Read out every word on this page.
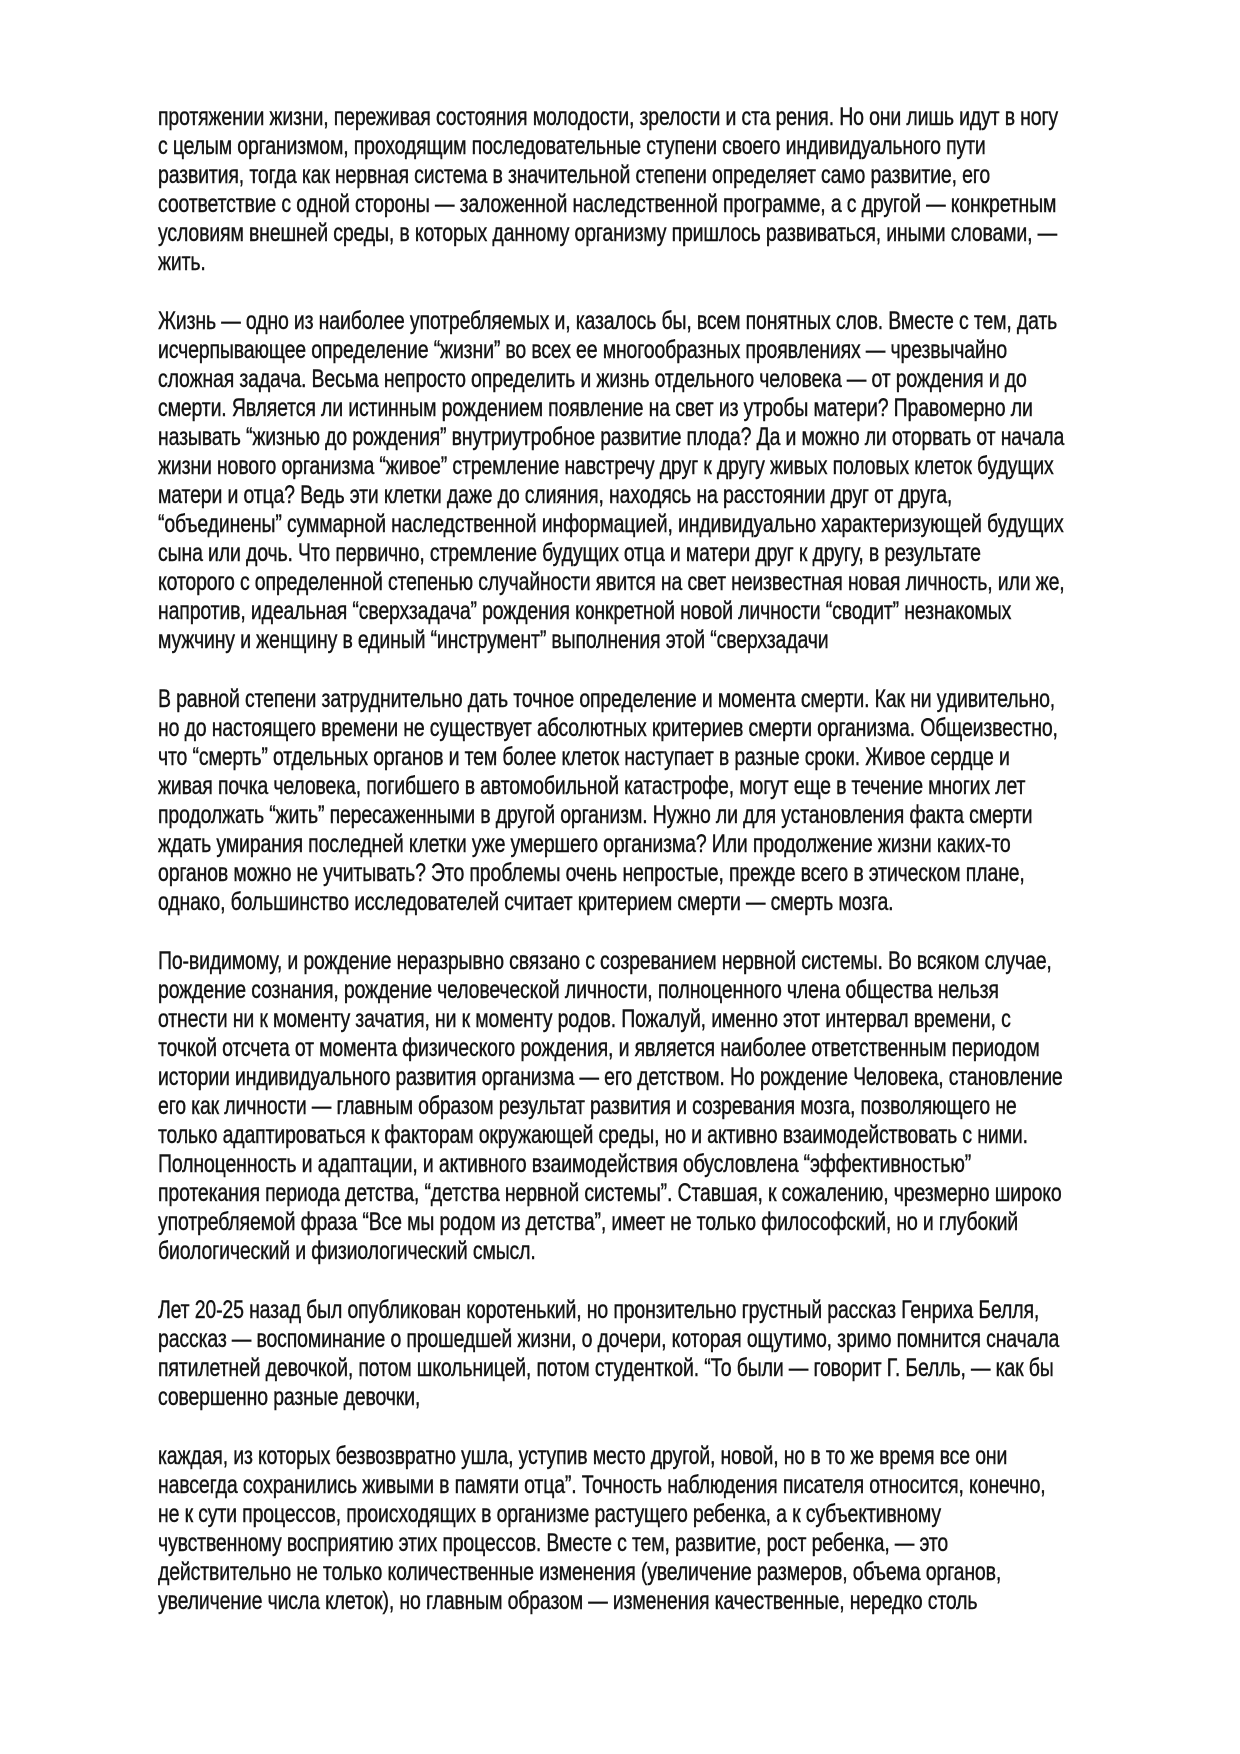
протяжении жизни, переживая состояния молодости, зрелости и ста рения. Но они лишь идут в ногу
с целым организмом, проходящим последовательные ступени своего индивидуального пути
развития, тогда как нервная система в значительной степени определяет само развитие, его
соответствие с одной стороны — заложенной наследственной программе, а с другой — конкретным
условиям внешней среды, в которых данному организму пришлось развиваться, иными словами, —
жить.
Жизнь — одно из наиболее употребляемых и, казалось бы, всем понятных слов. Вместе с тем, дать
исчерпывающее определение “жизни” во всех ее многообразных проявлениях — чрезвычайно
сложная задача. Весьма непросто определить и жизнь отдельного человека — от рождения и до
смерти. Является ли истинным рождением появление на свет из утробы матери? Правомерно ли
называть “жизнью до рождения” внутриутробное развитие плода? Да и можно ли оторвать от начала
жизни нового организма “живое” стремление навстречу друг к другу живых половых клеток будущих
матери и отца? Ведь эти клетки даже до слияния, находясь на расстоянии друг от друга,
“объединены” суммарной наследственной информацией, индивидуально характеризующей будущих
сына или дочь. Что первично, стремление будущих отца и матери друг к другу, в результате
которого с определенной степенью случайности явится на свет неизвестная новая личность, или же,
напротив, идеальная “сверхзадача” рождения конкретной новой личности “сводит” незнакомых
мужчину и женщину в единый “инструмент” выполнения этой “сверхзадачи
В равной степени затруднительно дать точное определение и момента смерти. Как ни удивительно,
но до настоящего времени не существует абсолютных критериев смерти организма. Общеизвестно,
что “смерть” отдельных органов и тем более клеток наступает в разные сроки. Живое сердце и
живая почка человека, погибшего в автомобильной катастрофе, могут еще в течение многих лет
продолжать “жить” пересаженными в другой организм. Нужно ли для установления факта смерти
ждать умирания последней клетки уже умершего организма? Или продолжение жизни каких-то
органов можно не учитывать? Это проблемы очень непростые, прежде всего в этическом плане,
однако, большинство исследователей считает критерием смерти — смерть мозга.
По-видимому, и рождение неразрывно связано с созреванием нервной системы. Во всяком случае,
рождение сознания, рождение человеческой личности, полноценного члена общества нельзя
отнести ни к моменту зачатия, ни к моменту родов. Пожалуй, именно этот интервал времени, с
точкой отсчета от момента физического рождения, и является наиболее ответственным периодом
истории индивидуального развития организма — его детством. Но рождение Человека, становление
его как личности — главным образом результат развития и созревания мозга, позволяющего не
только адаптироваться к факторам окружающей среды, но и активно взаимодействовать с ними.
Полноценность и адаптации, и активного взаимодействия обусловлена “эффективностью”
протекания периода детства, “детства нервной системы”. Ставшая, к сожалению, чрезмерно широко
употребляемой фраза “Все мы родом из детства”, имеет не только философский, но и глубокий
биологический и физиологический смысл.
Лет 20-25 назад был опубликован коротенький, но пронзительно грустный рассказ Генриха Белля,
рассказ — воспоминание о прошедшей жизни, о дочери, которая ощутимо, зримо помнится сначала
пятилетней девочкой, потом школьницей, потом студенткой. “То были — говорит Г. Белль, — как бы
совершенно разные девочки,
каждая, из которых безвозвратно ушла, уступив место другой, новой, но в то же время все они
навсегда сохранились живыми в памяти отца”. Точность наблюдения писателя относится, конечно,
не к сути процессов, происходящих в организме растущего ребенка, а к субъективному
чувственному восприятию этих процессов. Вместе с тем, развитие, рост ребенка, — это
действительно не только количественные изменения (увеличение размеров, объема органов,
увеличение числа клеток), но главным образом — изменения качественные, нередко столь
